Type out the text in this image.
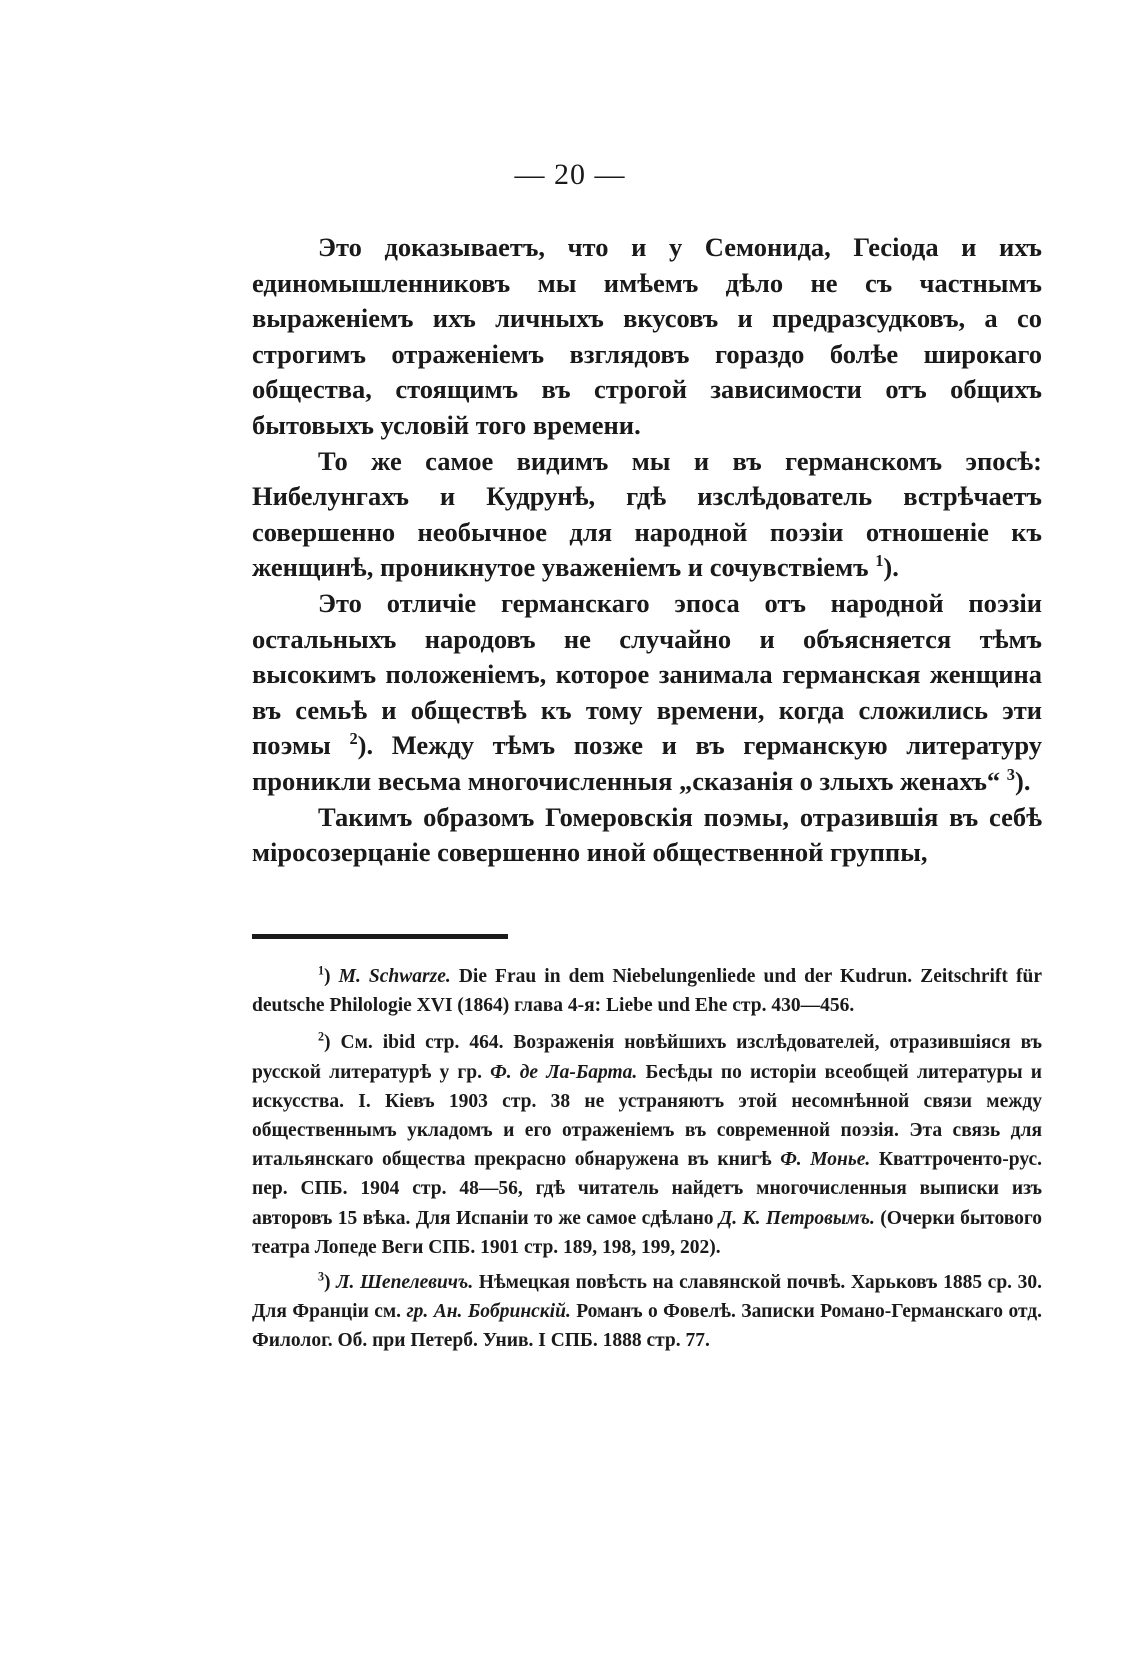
— 20 —

Это доказываетъ, что и у Семонида, Гесіода и ихъ единомышленниковъ мы имѣемъ дѣло не съ частнымъ выраженіемъ ихъ личныхъ вкусовъ и предразсудковъ, а со строгимъ отраженіемъ взглядовъ гораздо болѣе широкаго общества, стоящимъ въ строгой зависимости отъ общихъ бытовыхъ условій того времени.

То же самое видимъ мы и въ германскомъ эпосѣ: Нибелунгахъ и Кудрунѣ, гдѣ изслѣдователь встрѣчаетъ совершенно необычное для народной поэзіи отношеніе къ женщинѣ, проникнутое уваженіемъ и сочувствіемъ $^1$).

Это отличіе германскаго эпоса отъ народной поэзіи остальныхъ народовъ не случайно и объясняется тѣмъ высокимъ положеніемъ, которое занимала германская женщина въ семьѣ и обществѣ къ тому времени, когда сложились эти поэмы $^2$). Между тѣмъ позже и въ германскую литературу проникли весьма многочисленныя „сказанія о злыхъ женахъ“ $^3$).

Такимъ образомъ Гомеровскія поэмы, отразившія въ себѣ міросозерцаніе совершенно иной общественной группы,

$^1$) M. Schwarze. Die Frau in dem Niebelungenliede und der Kudrun. Zeitschrift für deutsche Philologie XVI (1864) глава 4-я: Liebe und Ehe стр. 430—456.

$^2$) См. ibid стр. 464. Возраженія новѣйшихъ изслѣдователей, отразившіяся въ русской литературѣ у гр. Ф. де Ла-Барта. Бесѣды по исторіи всеобщей литературы и искусства. I. Кіевъ 1903 стр. 38 не устраняютъ этой несомнѣнной связи между общественнымъ укладомъ и его отраженіемъ въ современной поэзія. Эта связь для итальянскаго общества прекрасно обнаружена въ книгѣ Ф. Монье. Кваттроченто-рус. пер. СПБ. 1904 стр. 48—56, гдѣ читатель найдетъ многочисленныя выписки изъ авторовъ 15 вѣка. Для Испаніи то же самое сдѣлано Д. К. Петровымъ. (Очерки бытового театра Лопеде Веги СПБ. 1901 стр. 189, 198, 199, 202).

$^3$) Л. Шепелевичъ. Нѣмецкая повѣсть на славянской почвѣ. Харьковъ 1885 ср. 30. Для Франціи см. гр. Ан. Бобринскій. Романъ о Фовелѣ. Записки Романо-Германскаго отд. Филолог. Об. при Петерб. Унив. I СПБ. 1888 стр. 77.
